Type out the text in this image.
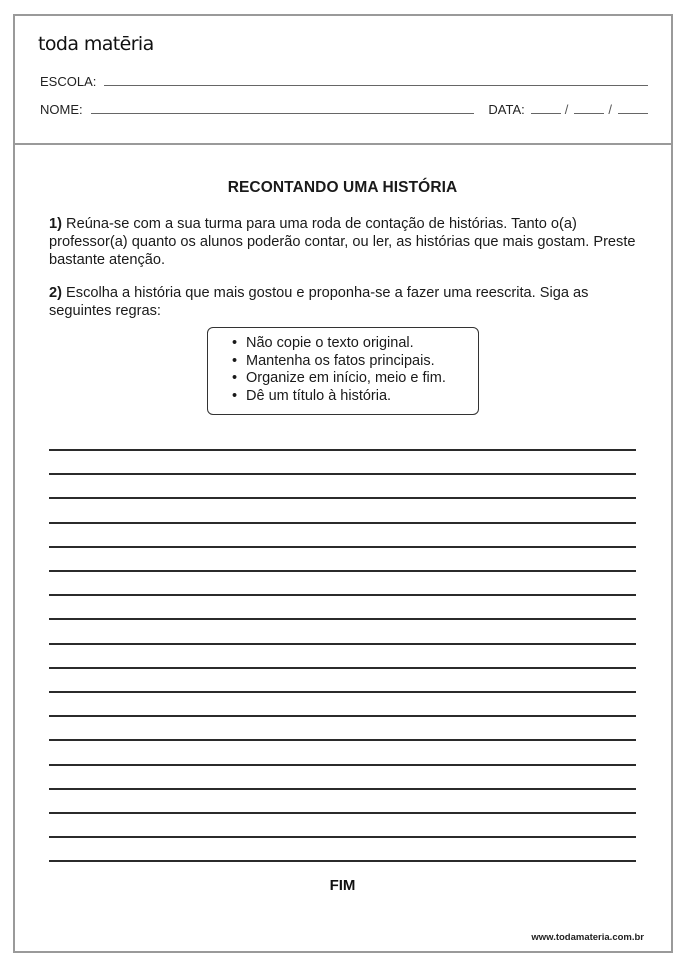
toda matēria
ESCOLA:
NOME:	DATA:	/	/
RECONTANDO UMA HISTÓRIA
1) Reúna-se com a sua turma para uma roda de contação de histórias. Tanto o(a) professor(a) quanto os alunos poderão contar, ou ler, as histórias que mais gostam. Preste bastante atenção.
2) Escolha a história que mais gostou e proponha-se a fazer uma reescrita. Siga as seguintes regras:
• Não copie o texto original.
• Mantenha os fatos principais.
• Organize em início, meio e fim.
• Dê um título à história.
FIM
www.todamateria.com.br
